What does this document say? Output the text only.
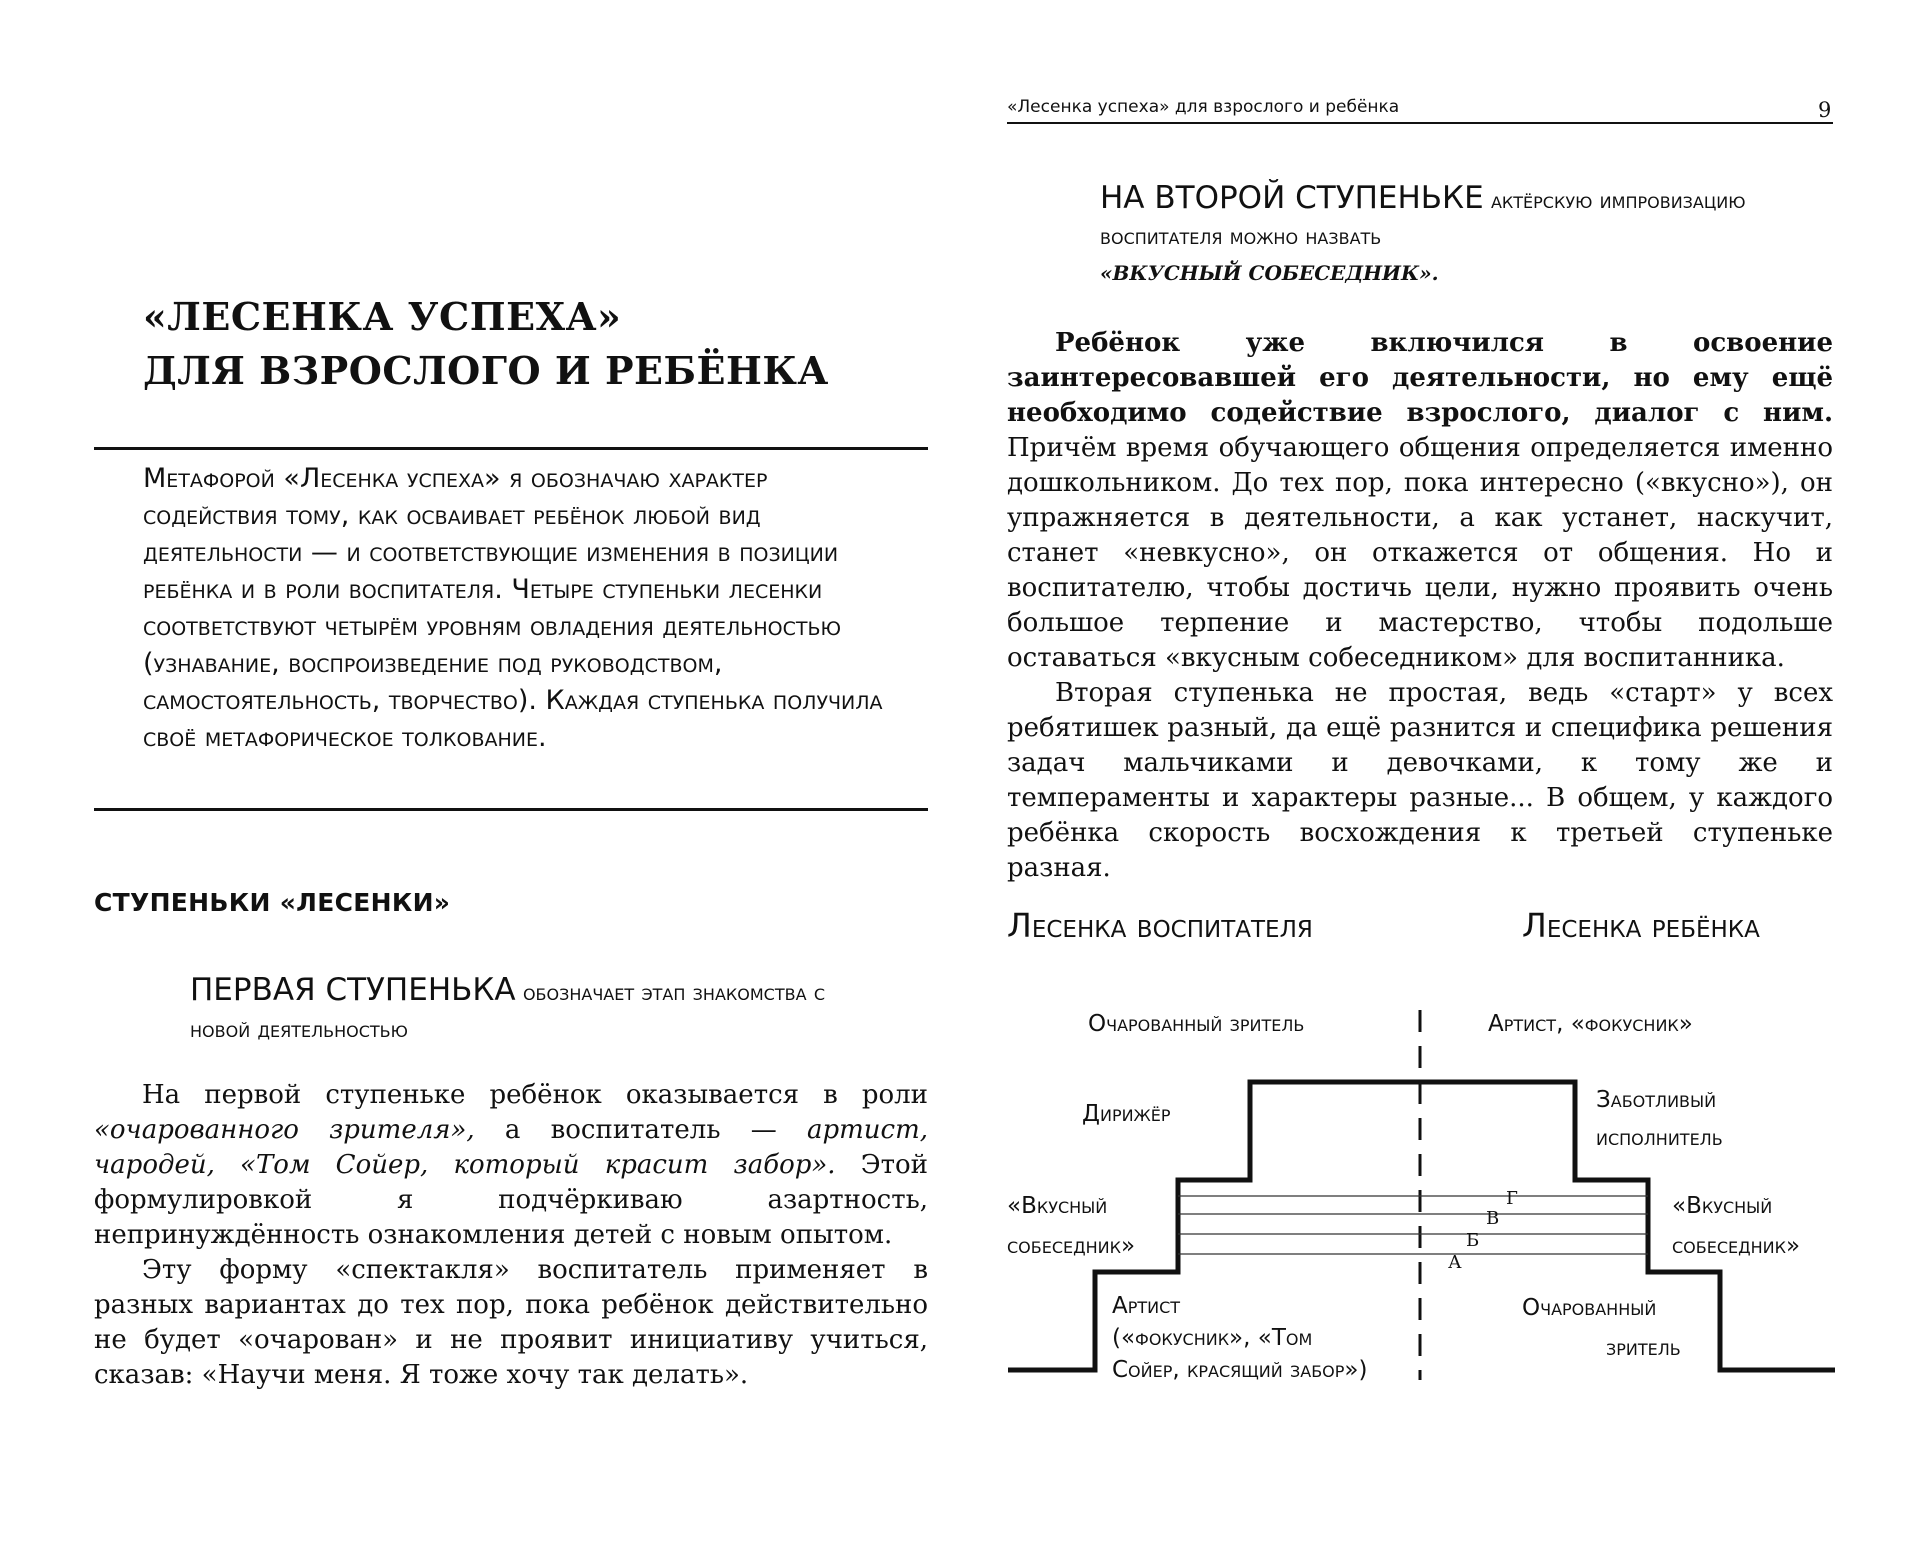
«ЛЕСЕНКА УСПЕХА»
ДЛЯ ВЗРОСЛОГО И РЕБЁНКА

Метафорой «Лесенка успеха» я обозначаю характер содействия тому, как осваивает ребёнок любой вид деятельности — и соответствующие изменения в позиции ребёнка и в роли воспитателя. Четыре ступеньки лесенки соответствуют четырём уровням овладения деятельностью (узнавание, воспроизведение под руководством, самостоятельность, творчество). Каждая ступенька получила своё метафорическое толкование.

СТУПЕНЬКИ «ЛЕСЕНКИ»

ПЕРВАЯ СТУПЕНЬКА обозначает этап знакомства с новой деятельностью

На первой ступеньке ребёнок оказывается в роли «очарованного зрителя», а воспитатель — артист, чародей, «Том Сойер, который красит забор». Этой формулировкой я подчёркиваю азартность, непринуждённость ознакомления детей с новым опытом.

Эту форму «спектакля» воспитатель применяет в разных вариантах до тех пор, пока ребёнок действительно не будет «очарован» и не проявит инициативу учиться, сказав: «Научи меня. Я тоже хочу так делать».

«Лесенка успеха» для взрослого и ребёнка	9

НА ВТОРОЙ СТУПЕНЬКЕ актёрскую импровизацию воспитателя можно назвать
«ВКУСНЫЙ СОБЕСЕДНИК».

Ребёнок уже включился в освоение заинтересовавшей его деятельности, но ему ещё необходимо содействие взрослого, диалог с ним. Причём время обучающего общения определяется именно дошкольником. До тех пор, пока интересно («вкусно»), он упражняется в деятельности, а как устанет, наскучит, станет «невкусно», он откажется от общения. Но и воспитателю, чтобы достичь цели, нужно проявить очень большое терпение и мастерство, чтобы подольше оставаться «вкусным собеседником» для воспитанника.

Вторая ступенька не простая, ведь «старт» у всех ребятишек разный, да ещё разнится и специфика решения задач мальчиками и девочками, к тому же и темпераменты и характеры разные... В общем, у каждого ребёнка скорость восхождения к третьей ступеньке разная.

Лесенка воспитателя	Лесенка ребёнка

Очарованный зритель	Артист, «фокусник»

Дирижёр

Заботливый

исполнитель

«Вкусный

собеседник»

«Вкусный

собеседник»

Артист

(«фокусник», «Том

Сойер, красящий забор»)

Очарованный

зритель

Г

В

Б

А
